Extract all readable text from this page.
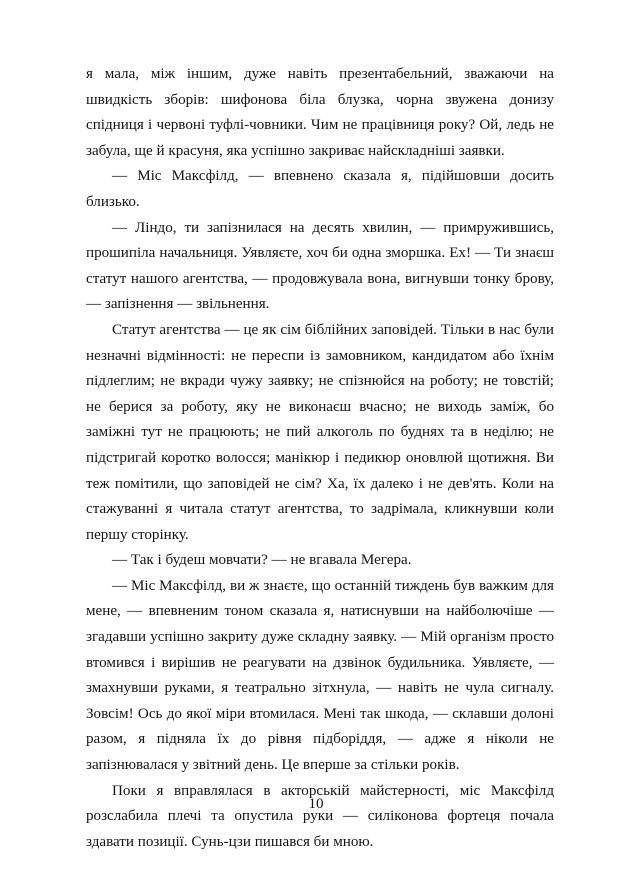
я мала, між іншим, дуже навіть презентабельний, зважаючи на швидкість зборів: шифонова біла блузка, чорна звужена донизу спідниця і червоні туфлі-човники. Чим не працівниця року? Ой, ледь не забула, ще й красуня, яка успішно закриває найскладніші заявки.

— Міс Максфілд, — впевнено сказала я, підійшовши досить близько.

— Ліндо, ти запізнилася на десять хвилин, — примружившись, прошипіла начальниця. Уявляєте, хоч би одна зморшка. Ех! — Ти знаєш статут нашого агентства, — продовжувала вона, вигнувши тонку брову, — запізнення — звільнення.

Статут агентства — це як сім біблійних заповідей. Тільки в нас були незначні відмінності: не переспи із замовником, кандидатом або їхнім підлеглим; не вкради чужу заявку; не спізнюйся на роботу; не товстій; не берися за роботу, яку не виконаєш вчасно; не виходь заміж, бо заміжні тут не працюють; не пий алкоголь по буднях та в неділю; не підстригай коротко волосся; манікюр і педикюр оновлюй щотижня. Ви теж помітили, що заповідей не сім? Ха, їх далеко і не дев'ять. Коли на стажуванні я читала статут агентства, то задрімала, кликнувши коли першу сторінку.

— Так і будеш мовчати? — не вгавала Мегера.

— Міс Максфілд, ви ж знаєте, що останній тиждень був важким для мене, — впевненим тоном сказала я, натиснувши на найболючіше — згадавши успішно закриту дуже складну заявку. — Мій організм просто втомився і вирішив не реагувати на дзвінок будильника. Уявляєте, — змахнувши руками, я театрально зітхнула, — навіть не чула сигналу. Зовсім! Ось до якої міри втомилася. Мені так шкода, — склавши долоні разом, я підняла їх до рівня підборіддя, — адже я ніколи не запізнювалася у звітний день. Це вперше за стільки років.

Поки я вправлялася в акторській майстерності, міс Максфілд розслабила плечі та опустила руки — силіконова фортеця почала здавати позиції. Сунь-цзи пишався би мною.

10
